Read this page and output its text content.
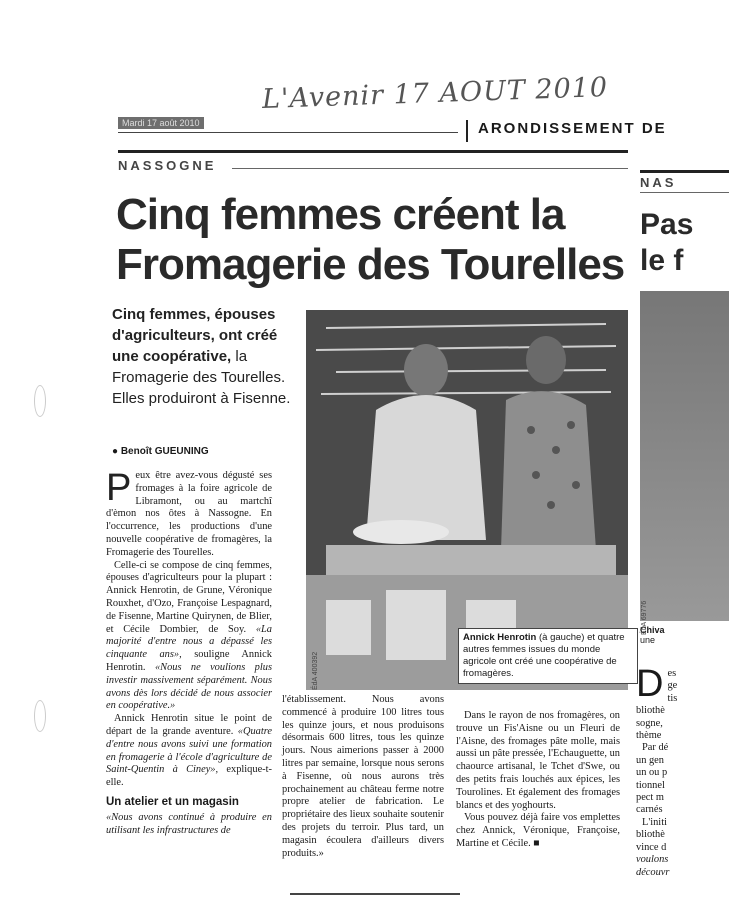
L'Avenir 17 AOUT 2010
Mardi 17 août 2010	ARONDISSEMENT DE
NASSOGNE
Cinq femmes créent la Fromagerie des Tourelles
Cinq femmes, épouses d'agriculteurs, ont créé une coopérative, la Fromagerie des Tourelles. Elles produiront à Fisenne.
● Benoît GUEUNING
ÉdA 400392
Annick Henrotin (à gauche) et quatre autres femmes issues du monde agricole ont créé une coopérative de fromagères.
P eux être avez-vous dégusté ses fromages à la foire agricole de Libramont, ou au martchî d'èmon nos ôtes à Nassogne. En l'occurrence, les productions d'une nouvelle coopérative de fromagères, la Fromagerie des Tourelles.

Celle-ci se compose de cinq femmes, épouses d'agriculteurs pour la plupart : Annick Henrotin, de Grune, Véronique Rouxhet, d'Ozo, Françoise Lespagnard, de Fisenne, Martine Quirynen, de Blier, et Cécile Dombier, de Soy. «La majorité d'entre nous a dépassé les cinquante ans», souligne Annick Henrotin. «Nous ne voulions plus investir massivement séparément. Nous avons dès lors décidé de nous associer en coopérative.»

Annick Henrotin situe le point de départ de la grande aventure. «Quatre d'entre nous avons suivi une formation en fromagerie à l'école d'agriculture de Saint-Quentin à Ciney», explique-t-elle.

Un atelier et un magasin

«Nous avons continué à produire en utilisant les infrastructures de

l'établissement. Nous avons commencé à produire 100 litres tous les quinze jours, et nous produisons désormais 600 litres, tous les quinze jours. Nous aimerions passer à 2000 litres par semaine, lorsque nous serons à Fisenne, où nous aurons très prochainement au château ferme notre propre atelier de fabrication. Le propriétaire des lieux souhaite soutenir des projets du terroir. Plus tard, un magasin écoulera d'ailleurs divers produits.»

Dans le rayon de nos fromagères, on trouve un Fis'Aisne ou un Fleuri de l'Aisne, des fromages pâte molle, mais aussi un pâte pressée, l'Echauguette, un chaource artisanal, le Tchet d'Swe, ou des petits frais louchés aux épices, les Tourolines. Et également des fromages blancs et des yoghourts.

Vous pouvez déjà faire vos emplettes chez Annick, Véronique, Françoise, Martine et Cécile. ■

NAS
Pas
le f
Chiva
une
ÉdA 69776
D es
ge
tis
bliothè
sogne,
thème
Par dé
un gen
un ou p
tionnel
pect m
carnés
L'initi
bliothè
vince d
voulons
découvr
